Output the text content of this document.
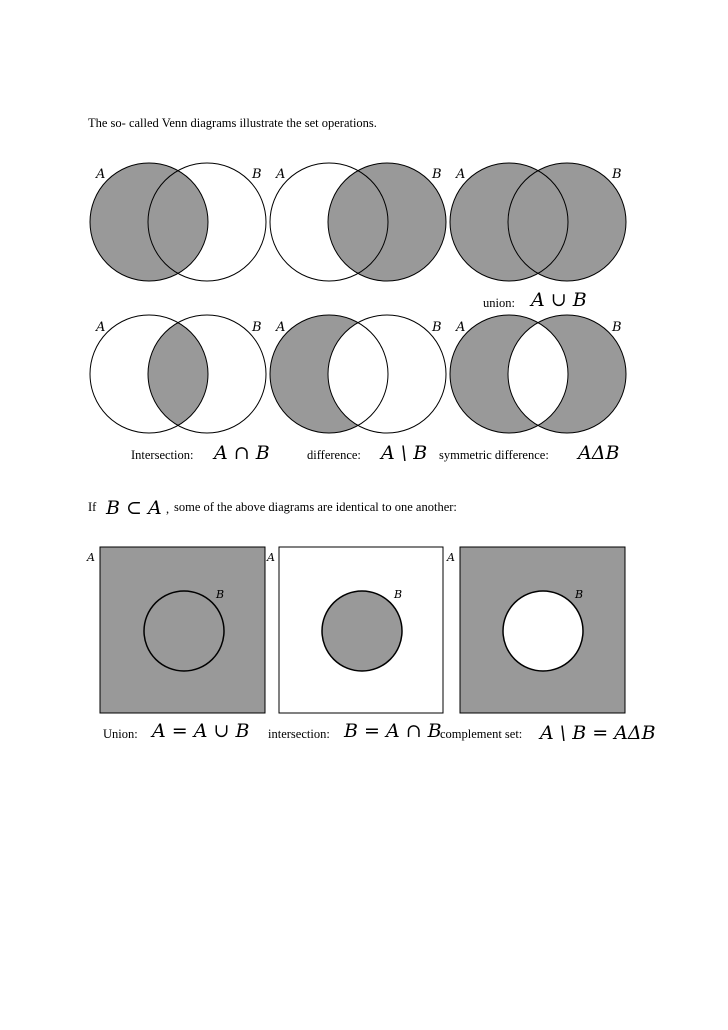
The so- called Venn diagrams illustrate the set operations.
A	B A	B A	B
A	B A	B A	B
A
B
A
B
A
B
union: A ∪ B
Intersection: A ∩ B	difference: A \ B symmetric difference: AΔB
If B ⊂ A , some of the above diagrams are identical to one another:
Union: A = A ∪ B intersection: B = A ∩ B
complement set: A \ B = AΔB
